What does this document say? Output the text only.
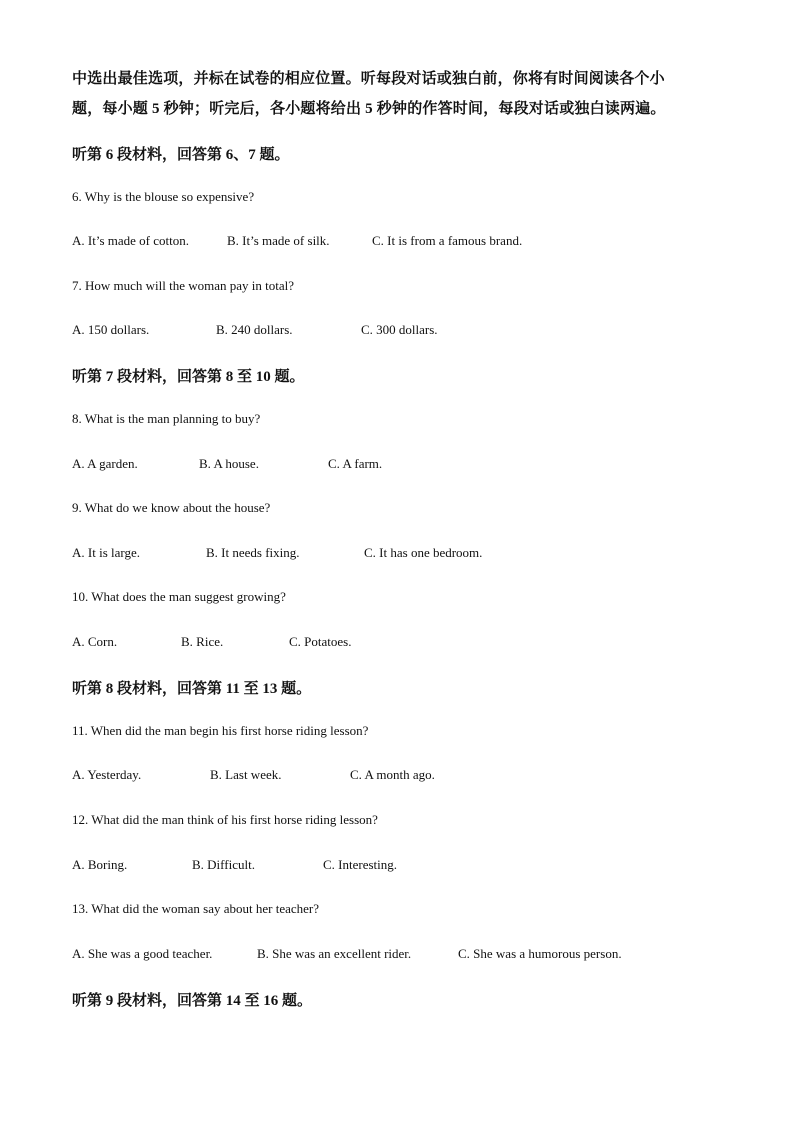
中选出最佳选项，并标在试卷的相应位置。听每段对话或独白前，你将有时间阅读各个小

题，每小题 5 秒钟；听完后，各小题将给出 5 秒钟的作答时间，每段对话或独白读两遍。

听第 6 段材料，回答第 6、7 题。
6. Why is the blouse so expensive?
A. It’s made of cotton.	B. It’s made of silk.	C. It is from a famous brand.
7. How much will the woman pay in total?
A. 150 dollars.	B. 240 dollars.	C. 300 dollars.
听第 7 段材料，回答第 8 至 10 题。
8. What is the man planning to buy?
A. A garden.	B. A house.	C. A farm.
9. What do we know about the house?
A. It is large.	B. It needs fixing.	C. It has one bedroom.
10. What does the man suggest growing?
A. Corn.	B. Rice.	C. Potatoes.
听第 8 段材料，回答第 11 至 13 题。
11. When did the man begin his first horse riding lesson?
A. Yesterday.	B. Last week.	C. A month ago.
12. What did the man think of his first horse riding lesson?
A. Boring.	B. Difficult.	C. Interesting.
13. What did the woman say about her teacher?
A. She was a good teacher.	B. She was an excellent rider.	C. She was a humorous person.
听第 9 段材料，回答第 14 至 16 题。
